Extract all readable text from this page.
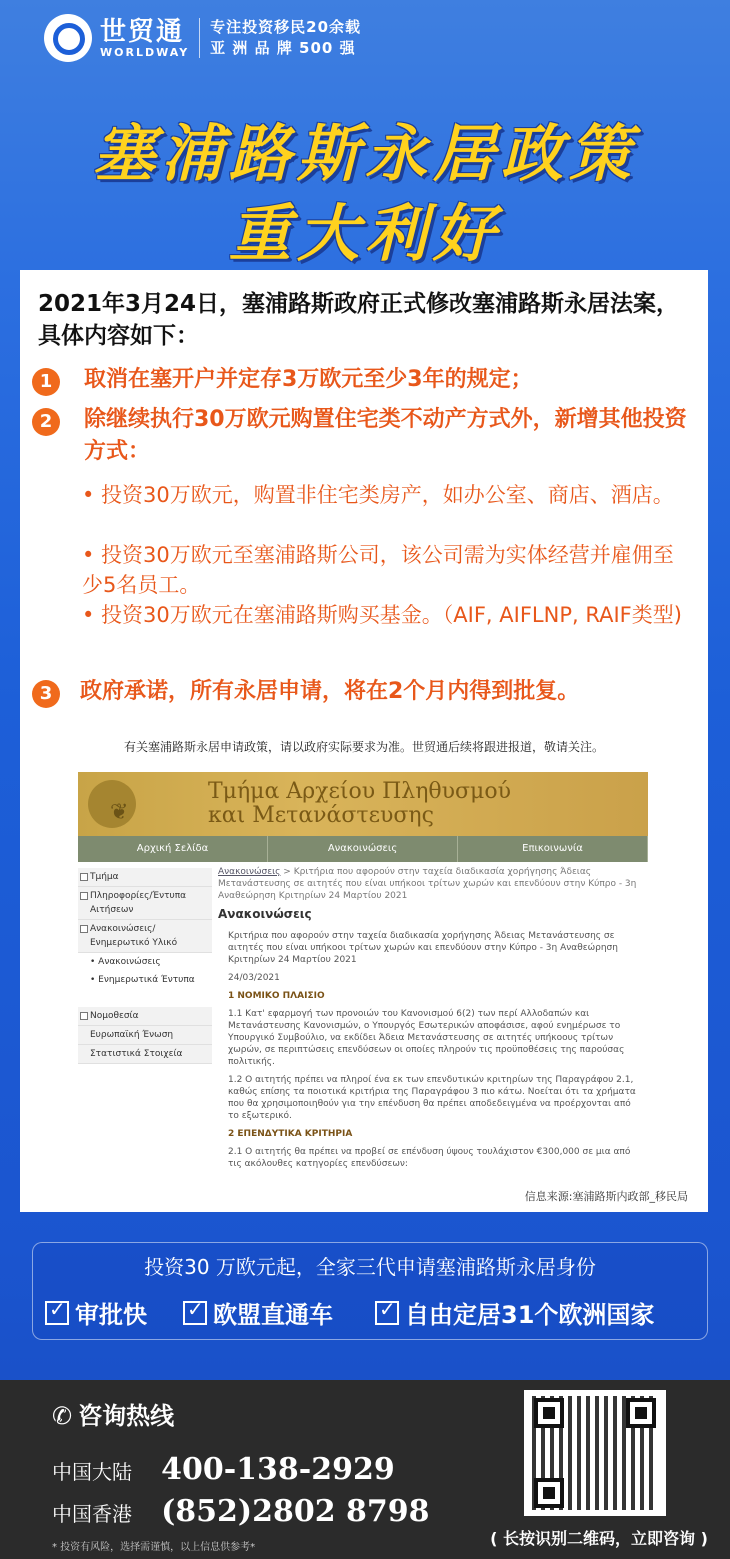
世贸通
WORLDWAY
专注投资移民20余载
亚 洲 品 牌 500 强
塞浦路斯永居政策
重大利好
2021年3月24日，塞浦路斯政府正式修改塞浦路斯永居法案，具体内容如下：
1	取消在塞开户并定存3万欧元至少3年的规定；
2	除继续执行30万欧元购置住宅类不动产方式外，新增其他投资方式：
• 投资30万欧元，购置非住宅类房产，如办公室、商店、酒店。
• 投资30万欧元至塞浦路斯公司，该公司需为实体经营并雇佣至少5名员工。
• 投资30万欧元在塞浦路斯购买基金。（AIF, AIFLNP, RAIF类型)
3	政府承诺，所有永居申请，将在2个月内得到批复。
有关塞浦路斯永居申请政策，请以政府实际要求为准。世贸通后续将跟进报道，敬请关注。
❦
Τμήμα Αρχείου Πληθυσμού
και Μετανάστευσης
Αρχική Σελίδα	Ανακοινώσεις	Επικοινωνία
Τμήμα
Πληροφορίες/Έντυπα Αιτήσεων
Ανακοινώσεις/Ενημερωτικό Υλικό
• Ανακοινώσεις
• Ενημερωτικά Έντυπα
Νομοθεσία
Ευρωπαϊκή Ένωση
Στατιστικά Στοιχεία
Ανακοινώσεις > Κριτήρια που αφορούν στην ταχεία διαδικασία χορήγησης Άδειας Μετανάστευσης σε αιτητές που είναι υπήκοοι τρίτων χωρών και επενδύουν στην Κύπρο - 3η Αναθεώρηση Κριτηρίων 24 Μαρτίου 2021
Ανακοινώσεις
Κριτήρια που αφορούν στην ταχεία διαδικασία χορήγησης Άδειας Μετανάστευσης σε αιτητές που είναι υπήκοοι τρίτων χωρών και επενδύουν στην Κύπρο - 3η Αναθεώρηση Κριτηρίων 24 Μαρτίου 2021
24/03/2021
1 ΝΟΜΙΚΟ ΠΛΑΙΣΙΟ
1.1 Κατ' εφαρμογή των προνοιών του Κανονισμού 6(2) των περί Αλλοδαπών και Μετανάστευσης Κανονισμών, ο Υπουργός Εσωτερικών αποφάσισε, αφού ενημέρωσε το Υπουργικό Συμβούλιο, να εκδίδει Άδεια Μετανάστευσης σε αιτητές υπήκοους τρίτων χωρών, σε περιπτώσεις επενδύσεων οι οποίες πληρούν τις προϋποθέσεις της παρούσας πολιτικής.
1.2 Ο αιτητής πρέπει να πληροί ένα εκ των επενδυτικών κριτηρίων της Παραγράφου 2.1, καθώς επίσης τα ποιοτικά κριτήρια της Παραγράφου 3 πιο κάτω. Νοείται ότι τα χρήματα που θα χρησιμοποιηθούν για την επένδυση θα πρέπει αποδεδειγμένα να προέρχονται από το εξωτερικό.
2 ΕΠΕΝΔΥΤΙΚΑ ΚΡΙΤΗΡΙΑ
2.1 Ο αιτητής θα πρέπει να προβεί σε επένδυση ύψους τουλάχιστον €300,000 σε μια από τις ακόλουθες κατηγορίες επενδύσεων:
信息来源:塞浦路斯内政部_移民局
投资30 万欧元起，全家三代申请塞浦路斯永居身份
✓
审批快 ✓	欧盟直通车 ✓	自由定居31个欧洲国家
✆ 咨询热线
中国大陆 400-138-2929
中国香港 (852)2802 8798
* 投资有风险，选择需谨慎，以上信息供参考*	( 长按识别二维码，立即咨询 )
